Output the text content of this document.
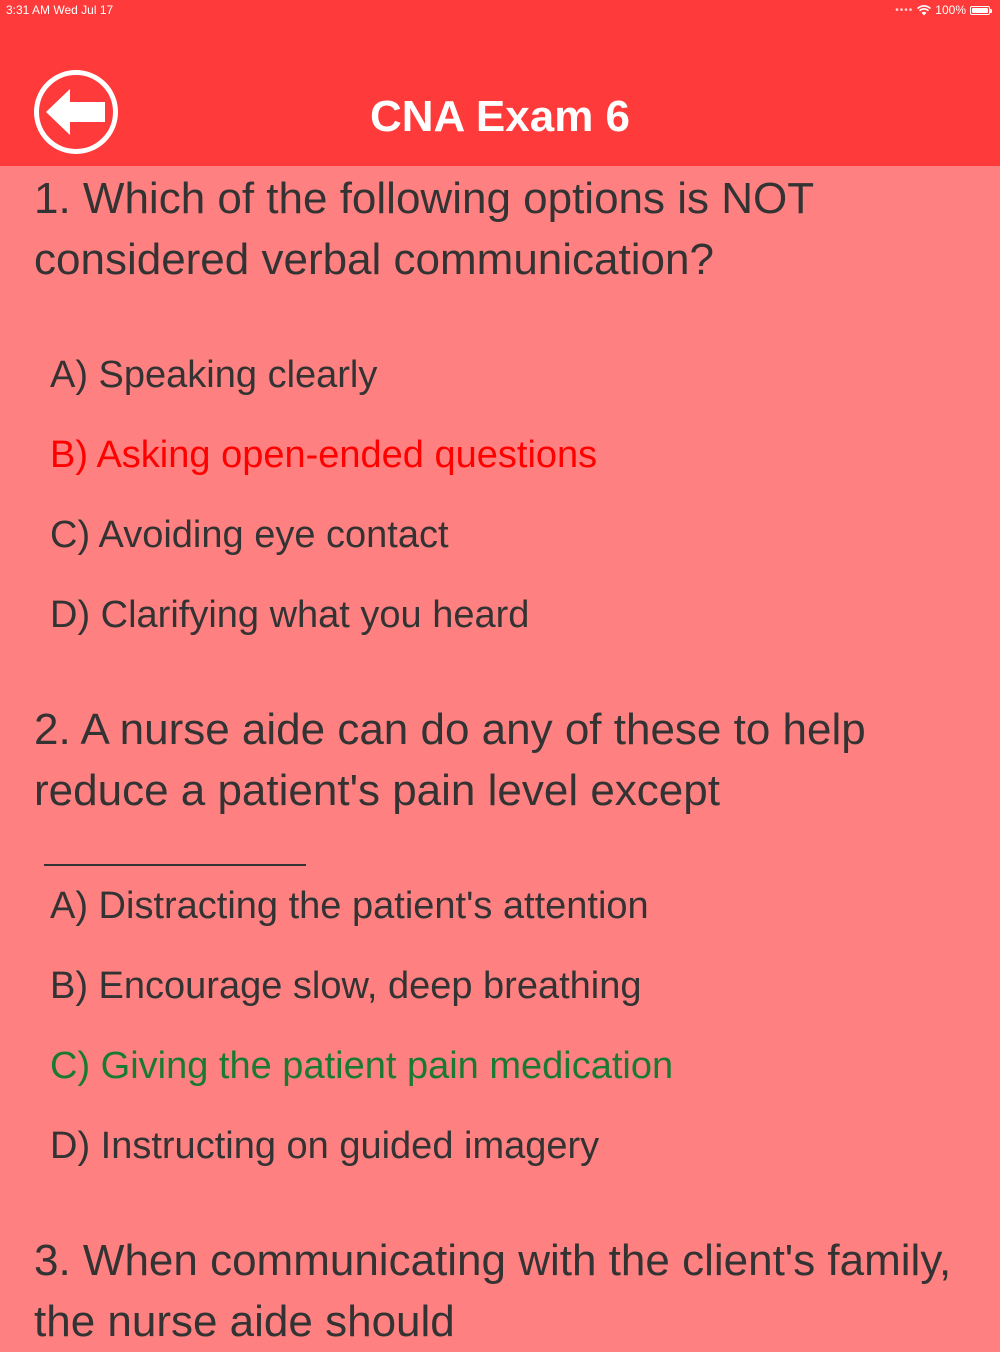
3:31 AM Wed Jul 17	•••• 100%
CNA Exam 6

1. Which of the following options is NOT considered verbal communication?

A) Speaking clearly
B) Asking open-ended questions
C) Avoiding eye contact
D) Clarifying what you heard

2. A nurse aide can do any of these to help reduce a patient's pain level except

A) Distracting the patient's attention
B) Encourage slow, deep breathing
C) Giving the patient pain medication
D) Instructing on guided imagery

3. When communicating with the client's family, the nurse aide should
